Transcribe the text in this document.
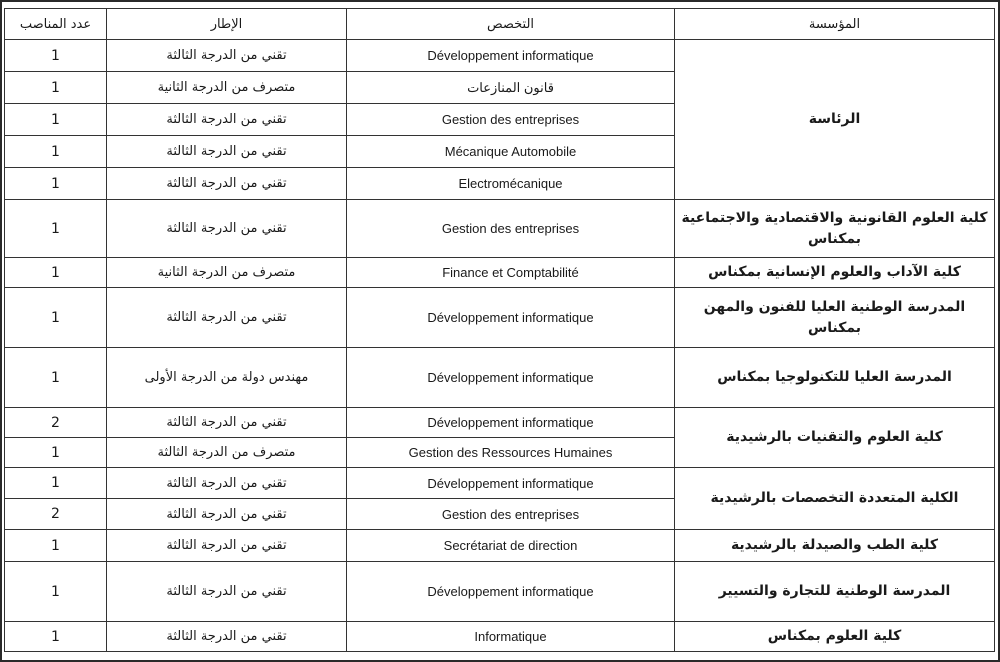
عدد المناصب	الإطار	التخصص	المؤسسة
1	تقني من الدرجة الثالثة	Développement informatique	الرئاسة
1	متصرف من الدرجة الثانية	قانون المنازعات	
1	تقني من الدرجة الثالثة	Gestion des entreprises	
1	تقني من الدرجة الثالثة	Mécanique Automobile	
1	تقني من الدرجة الثالثة	Electromécanique	
1	تقني من الدرجة الثالثة	Gestion des entreprises	كلية العلوم القانونية والاقتصادية والاجتماعية بمكناس
1	متصرف من الدرجة الثانية	Finance et Comptabilité	كلية الآداب والعلوم الإنسانية بمكناس
1	تقني من الدرجة الثالثة	Développement informatique	المدرسة الوطنية العليا للفنون والمهن بمكناس
1	مهندس دولة من الدرجة الأولى	Développement informatique	المدرسة العليا للتكنولوجيا بمكناس
2	تقني من الدرجة الثالثة	Développement informatique	كلية العلوم والتقنيات بالرشيدية
1	متصرف من الدرجة الثالثة	Gestion des Ressources Humaines	
1	تقني من الدرجة الثالثة	Développement informatique	الكلية المتعددة التخصصات بالرشيدية
2	تقني من الدرجة الثالثة	Gestion des entreprises	
1	تقني من الدرجة الثالثة	Secrétariat de direction	كلية الطب والصيدلة بالرشيدية
1	تقني من الدرجة الثالثة	Développement informatique	المدرسة الوطنية للتجارة والتسيير
1	تقني من الدرجة الثالثة	Informatique	كلية العلوم بمكناس
